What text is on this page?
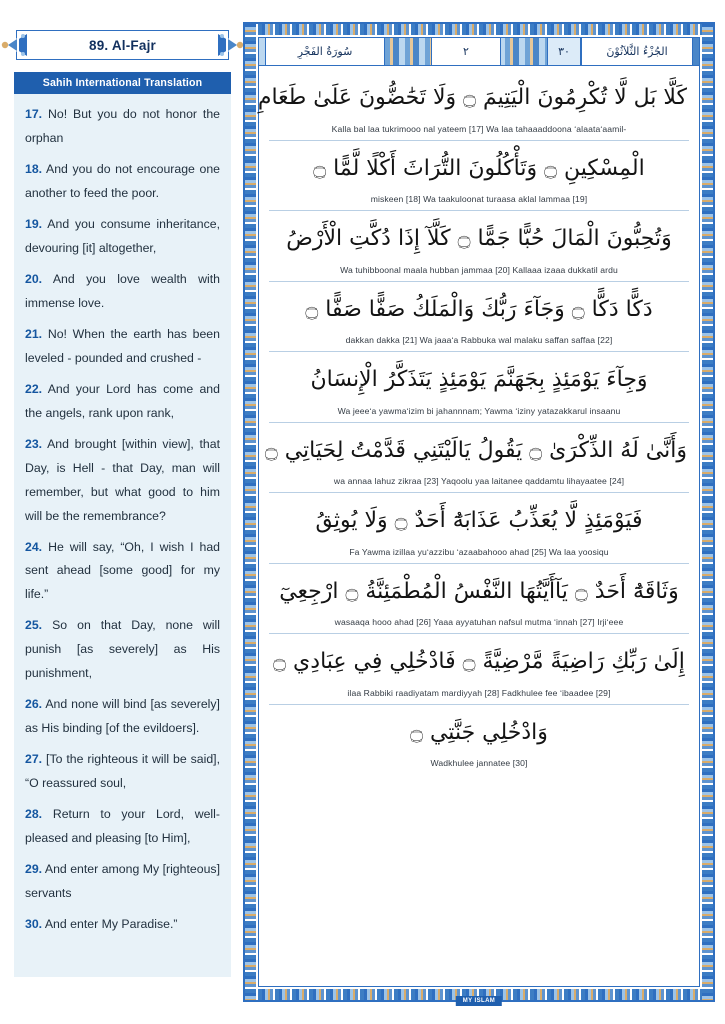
89. Al-Fajr
Sahih International Translation

17. No! But you do not honor the orphan

18. And you do not encourage one another to feed the poor.

19. And you consume inheritance, devouring [it] altogether,

20. And you love wealth with immense love.

21. No! When the earth has been leveled - pounded and crushed -

22. And your Lord has come and the angels, rank upon rank,

23. And brought [within view], that Day, is Hell - that Day, man will remember, but what good to him will be the remembrance?

24. He will say, “Oh, I wish I had sent ahead [some good] for my life.”

25. So on that Day, none will punish [as severely] as His punishment,

26. And none will bind [as severely] as His binding [of the evildoers].

27. [To the righteous it will be said], “O reassured soul,

28. Return to your Lord, well-pleased and pleasing [to Him],

29. And enter among My [righteous] servants

30. And enter My Paradise.”

MY ISLAM
سُورَةُ الفَجْرِ	٢	٣٠	الجُزْءُ الثَّلاَثُوْنَ
كَلَّا بَل لَّا تُكْرِمُونَ الْيَتِيمَ ۝ وَلَا تَحَٰضُّونَ عَلَىٰ طَعَامِ
Kalla bal laa tukrimooo nal yateem [17] Wa laa tahaaaddoona ʻalaataʻaamil-
الْمِسْكِينِ ۝ وَتَأْكُلُونَ التُّرَاثَ أَكْلًا لَّمًّا ۝
miskeen [18] Wa taakuloonat turaasa aklal lammaa [19]
وَتُحِبُّونَ الْمَالَ حُبًّا جَمًّا ۝ كَلَّآ إِذَا دُكَّتِ الْأَرْضُ
Wa tuhibboonal maala hubban jammaa [20] Kallaaa izaaa dukkatil ardu
دَكًّا دَكًّا ۝ وَجَآءَ رَبُّكَ وَالْمَلَكُ صَفًّا صَفًّا ۝
dakkan dakka [21] Wa jaaaʻa Rabbuka wal malaku saffan saffaa [22]
وَجِآءَ يَوْمَئِذٍ بِجَهَنَّمَ يَوْمَئِذٍ يَتَذَكَّرُ الْإِنسَانُ
Wa jeeeʻa yawmaʻizim bi jahannnam; Yawma ʻiziny yatazakkarul insaanu
وَأَنَّىٰ لَهُ الذِّكْرَىٰ ۝ يَقُولُ يَالَيْتَنِي قَدَّمْتُ لِحَيَاتِي ۝
wa annaa lahuz zikraa [23] Yaqoolu yaa laitanee qaddamtu lihayaatee [24]
فَيَوْمَئِذٍ لَّا يُعَذِّبُ عَذَابَهُٓ أَحَدٌ ۝ وَلَا يُوثِقُ
Fa Yawma izillaa yuʻazzibu ʻazaabahooo ahad [25] Wa laa yoosiqu
وَثَاقَهُٓ أَحَدٌ ۝ يَآأَيَّتُهَا النَّفْسُ الْمُطْمَئِنَّةُ ۝ ارْجِعِيٓ
wasaaqa hooo ahad [26] Yaaa ayyatuhan nafsul mutma ʻinnah [27] Irjiʻeee
إِلَىٰ رَبِّكِ رَاضِيَةً مَّرْضِيَّةً ۝ فَادْخُلِي فِي عِبَادِي ۝
ilaa Rabbiki raadiyatam mardiyyah [28] Fadkhulee fee ʻibaadee [29]
وَادْخُلِي جَنَّتِي ۝
Wadkhulee jannatee [30]
